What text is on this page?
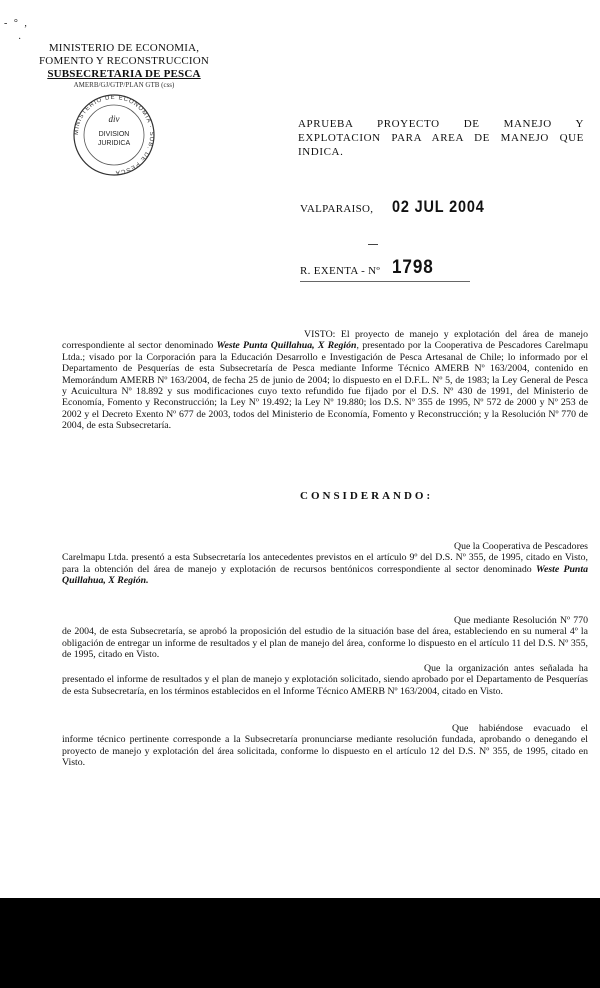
- ° ,
·
MINISTERIO DE ECONOMIA,
FOMENTO Y RECONSTRUCCION
SUBSECRETARIA DE PESCA
AMERB/GJ/GTP/PLAN GTB (css)
MINISTERIO DE ECONOMIA · SUB. DE PESCA
div
DIVISION
JURIDICA
APRUEBA PROYECTO DE MANEJO Y EXPLOTACION PARA AREA DE MANEJO QUE INDICA.
VALPARAISO, 02 JUL 2004
R. EXENTA - Nº 1798
VISTO: El proyecto de manejo y explotación del área de manejo correspondiente al sector denominado Weste Punta Quillahua, X Región, presentado por la Cooperativa de Pescadores Carelmapu Ltda.; visado por la Corporación para la Educación Desarrollo e Investigación de Pesca Artesanal de Chile; lo informado por el Departamento de Pesquerías de esta Subsecretaría de Pesca mediante Informe Técnico AMERB Nº 163/2004, contenido en Memorándum AMERB Nº 163/2004, de fecha 25 de junio de 2004; lo dispuesto en el D.F.L. Nº 5, de 1983; la Ley General de Pesca y Acuicultura Nº 18.892 y sus modificaciones cuyo texto refundido fue fijado por el D.S. Nº 430 de 1991, del Ministerio de Economía, Fomento y Reconstrucción; la Ley Nº 19.492; la Ley Nº 19.880; los D.S. Nº 355 de 1995, Nº 572 de 2000 y Nº 253 de 2002 y el Decreto Exento Nº 677 de 2003, todos del Ministerio de Economía, Fomento y Reconstrucción; y la Resolución Nº 770 de 2004, de esta Subsecretaría.
CONSIDERANDO:
Que la Cooperativa de Pescadores Carelmapu Ltda. presentó a esta Subsecretaría los antecedentes previstos en el artículo 9º del D.S. Nº 355, de 1995, citado en Visto, para la obtención del área de manejo y explotación de recursos bentónicos correspondiente al sector denominado Weste Punta Quillahua, X Región.
Que mediante Resolución Nº 770 de 2004, de esta Subsecretaría, se aprobó la proposición del estudio de la situación base del área, estableciendo en su numeral 4º la obligación de entregar un informe de resultados y el plan de manejo del área, conforme lo dispuesto en el artículo 11 del D.S. Nº 355, de 1995, citado en Visto.
Que la organización antes señalada ha presentado el informe de resultados y el plan de manejo y explotación solicitado, siendo aprobado por el Departamento de Pesquerías de esta Subsecretaría, en los términos establecidos en el Informe Técnico AMERB Nº 163/2004, citado en Visto.
Que habiéndose evacuado el informe técnico pertinente corresponde a la Subsecretaría pronunciarse mediante resolución fundada, aprobando o denegando el proyecto de manejo y explotación del área solicitada, conforme lo dispuesto en el artículo 12 del D.S. Nº 355, de 1995, citado en Visto.
